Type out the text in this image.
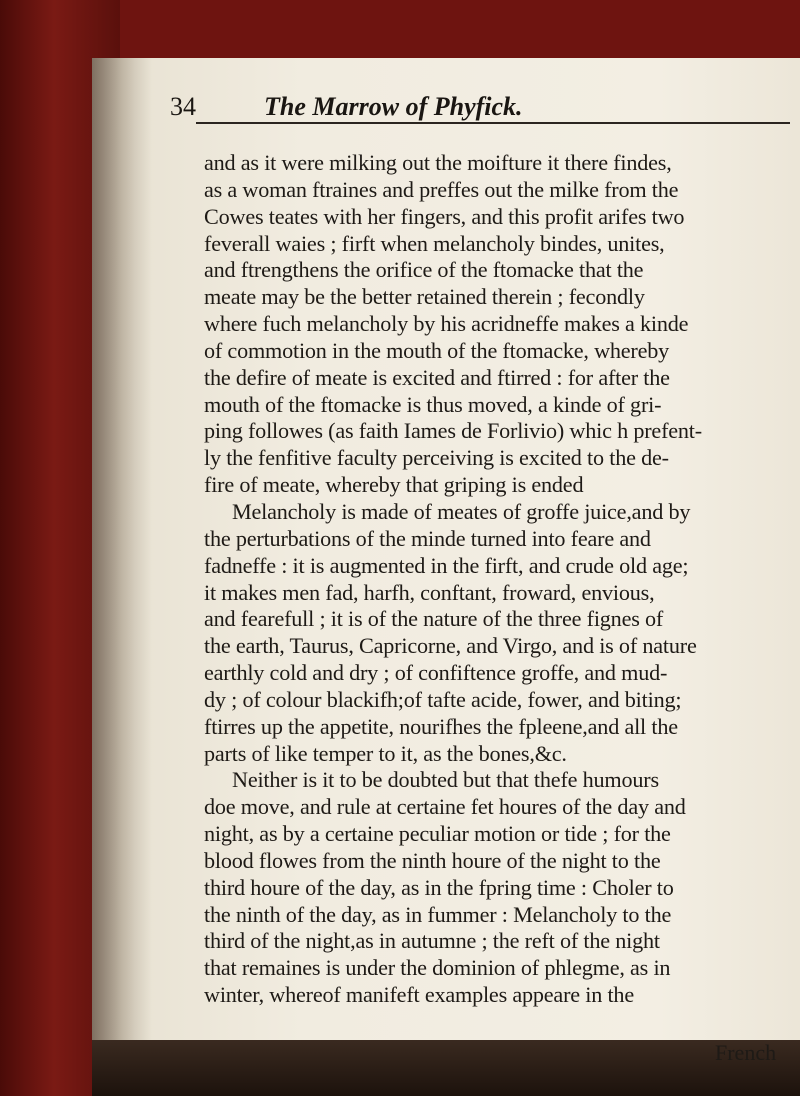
34	The Marrow of Phyfick.
and as it were milking out the moifture it there findes,
as a woman ftraines and preffes out the milke from the
Cowes teates with her fingers, and this profit arifes two
feverall waies ; firft when melancholy bindes, unites,
and ftrengthens the orifice of the ftomacke that the
meate may be the better retained therein ; fecondly
where fuch melancholy by his acridneffe makes a kinde
of commotion in the mouth of the ftomacke, whereby
the defire of meate is excited and ftirred : for after the
mouth of the ftomacke is thus moved, a kinde of gri-
ping followes (as faith Iames de Forlivio) whic h prefent-
ly the fenfitive faculty perceiving is excited to the de-
fire of meate, whereby that griping is ended
Melancholy is made of meates of groffe juice,and by
the perturbations of the minde turned into feare and
fadneffe : it is augmented in the firft, and crude old age;
it makes men fad, harfh, conftant, froward, envious,
and fearefull ; it is of the nature of the three fignes of
the earth, Taurus, Capricorne, and Virgo, and is of nature
earthly cold and dry ; of confiftence groffe, and mud-
dy ; of colour blackifh;of tafte acide, fower, and biting;
ftirres up the appetite, nourifhes the fpleene,and all the
parts of like temper to it, as the bones,&c.
Neither is it to be doubted but that thefe humours
doe move, and rule at certaine fet houres of the day and
night, as by a certaine peculiar motion or tide ; for the
blood flowes from the ninth houre of the night to the
third houre of the day, as in the fpring time : Choler to
the ninth of the day, as in fummer : Melancholy to the
third of the night,as in autumne ; the reft of the night
that remaines is under the dominion of phlegme, as in
winter, whereof manifeft examples appeare in the
French
